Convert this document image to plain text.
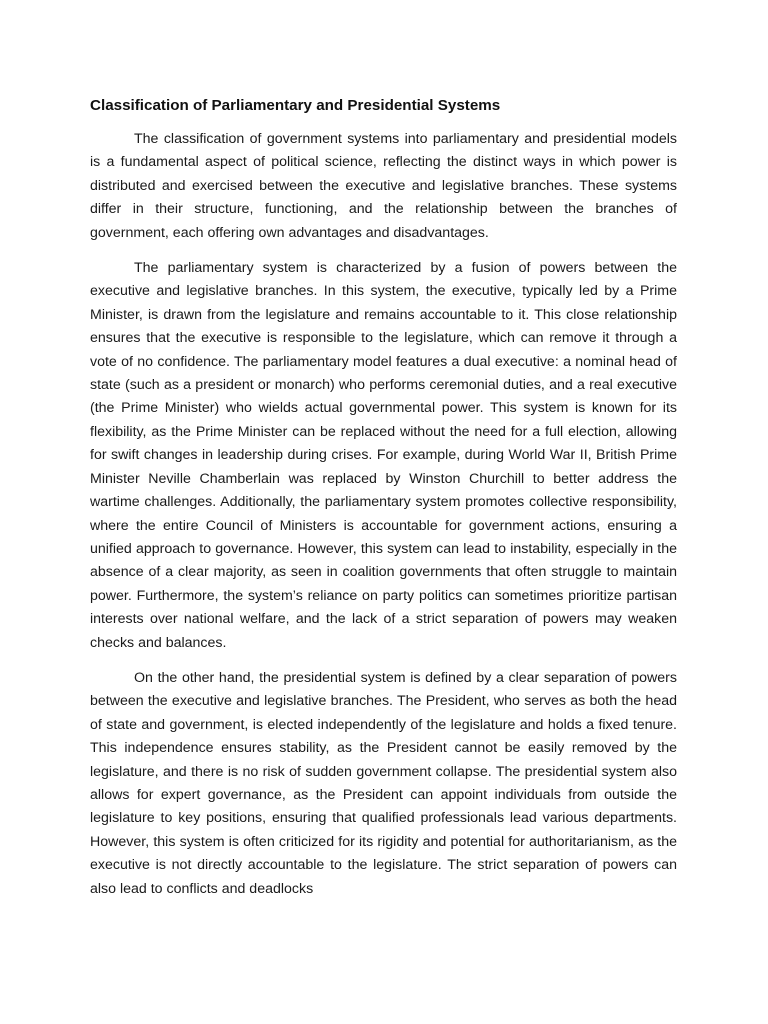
Classification of Parliamentary and Presidential Systems

The classification of government systems into parliamentary and presidential models is a fundamental aspect of political science, reflecting the distinct ways in which power is distributed and exercised between the executive and legislative branches. These systems differ in their structure, functioning, and the relationship between the branches of government, each offering own advantages and disadvantages.

The parliamentary system is characterized by a fusion of powers between the executive and legislative branches. In this system, the executive, typically led by a Prime Minister, is drawn from the legislature and remains accountable to it. This close relationship ensures that the executive is responsible to the legislature, which can remove it through a vote of no confidence. The parliamentary model features a dual executive: a nominal head of state (such as a president or monarch) who performs ceremonial duties, and a real executive (the Prime Minister) who wields actual governmental power. This system is known for its flexibility, as the Prime Minister can be replaced without the need for a full election, allowing for swift changes in leadership during crises. For example, during World War II, British Prime Minister Neville Chamberlain was replaced by Winston Churchill to better address the wartime challenges. Additionally, the parliamentary system promotes collective responsibility, where the entire Council of Ministers is accountable for government actions, ensuring a unified approach to governance. However, this system can lead to instability, especially in the absence of a clear majority, as seen in coalition governments that often struggle to maintain power. Furthermore, the system’s reliance on party politics can sometimes prioritize partisan interests over national welfare, and the lack of a strict separation of powers may weaken checks and balances.

On the other hand, the presidential system is defined by a clear separation of powers between the executive and legislative branches. The President, who serves as both the head of state and government, is elected independently of the legislature and holds a fixed tenure. This independence ensures stability, as the President cannot be easily removed by the legislature, and there is no risk of sudden government collapse. The presidential system also allows for expert governance, as the President can appoint individuals from outside the legislature to key positions, ensuring that qualified professionals lead various departments. However, this system is often criticized for its rigidity and potential for authoritarianism, as the executive is not directly accountable to the legislature. The strict separation of powers can also lead to conflicts and deadlocks
